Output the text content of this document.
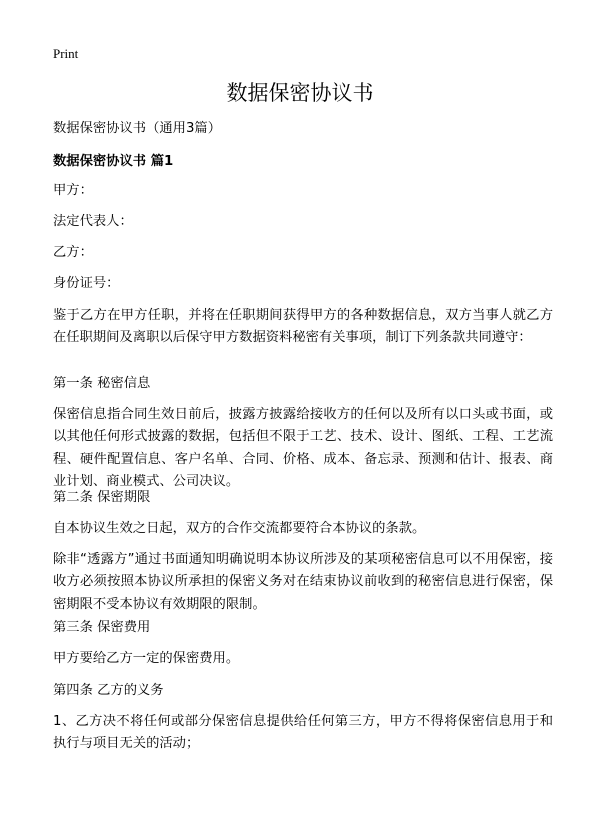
Print
数据保密协议书

数据保密协议书（通用3篇）

数据保密协议书 篇1

甲方：

法定代表人：

乙方：

身份证号：

鉴于乙方在甲方任职，并将在任职期间获得甲方的各种数据信息，双方当事人就乙方在任职期间及离职以后保守甲方数据资料秘密有关事项，制订下列条款共同遵守：

第一条 秘密信息

保密信息指合同生效日前后，披露方披露给接收方的任何以及所有以口头或书面，或以其他任何形式披露的数据，包括但不限于工艺、技术、设计、图纸、工程、工艺流程、硬件配置信息、客户名单、合同、价格、成本、备忘录、预测和估计、报表、商业计划、商业模式、公司决议。

第二条 保密期限

自本协议生效之日起，双方的合作交流都要符合本协议的条款。

除非“透露方”通过书面通知明确说明本协议所涉及的某项秘密信息可以不用保密，接收方必须按照本协议所承担的保密义务对在结束协议前收到的秘密信息进行保密，保密期限不受本协议有效期限的限制。

第三条 保密费用

甲方要给乙方一定的保密费用。

第四条 乙方的义务

1、乙方决不将任何或部分保密信息提供给任何第三方，甲方不得将保密信息用于和执行与项目无关的活动；
